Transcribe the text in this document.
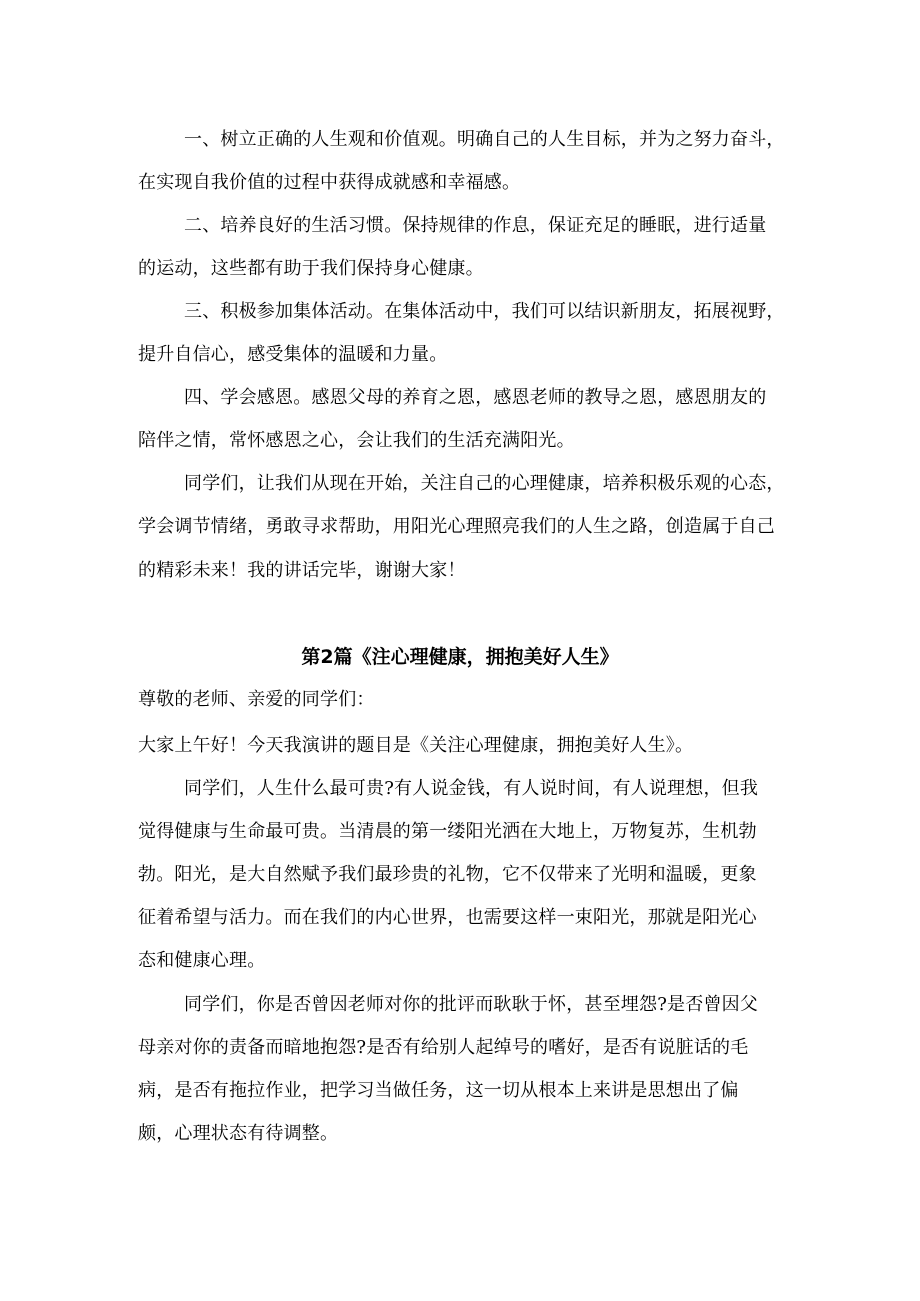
一、树立正确的人生观和价值观。明确自己的人生目标，并为之努力奋斗，
在实现自我价值的过程中获得成就感和幸福感。
二、培养良好的生活习惯。保持规律的作息，保证充足的睡眠，进行适量
的运动，这些都有助于我们保持身心健康。
三、积极参加集体活动。在集体活动中，我们可以结识新朋友，拓展视野，
提升自信心，感受集体的温暖和力量。
四、学会感恩。感恩父母的养育之恩，感恩老师的教导之恩，感恩朋友的
陪伴之情，常怀感恩之心，会让我们的生活充满阳光。
同学们，让我们从现在开始，关注自己的心理健康，培养积极乐观的心态，
学会调节情绪，勇敢寻求帮助，用阳光心理照亮我们的人生之路，创造属于自己
的精彩未来！我的讲话完毕，谢谢大家！
第2篇《注心理健康，拥抱美好人生》
尊敬的老师、亲爱的同学们：
大家上午好！今天我演讲的题目是《关注心理健康，拥抱美好人生》。
同学们，人生什么最可贵?有人说金钱，有人说时间，有人说理想，但我
觉得健康与生命最可贵。当清晨的第一缕阳光洒在大地上，万物复苏，生机勃
勃。阳光，是大自然赋予我们最珍贵的礼物，它不仅带来了光明和温暖，更象
征着希望与活力。而在我们的内心世界，也需要这样一束阳光，那就是阳光心
态和健康心理。
同学们，你是否曾因老师对你的批评而耿耿于怀，甚至埋怨?是否曾因父
母亲对你的责备而暗地抱怨?是否有给别人起绰号的嗜好，是否有说脏话的毛
病，是否有拖拉作业，把学习当做任务，这一切从根本上来讲是思想出了偏
颇，心理状态有待调整。
